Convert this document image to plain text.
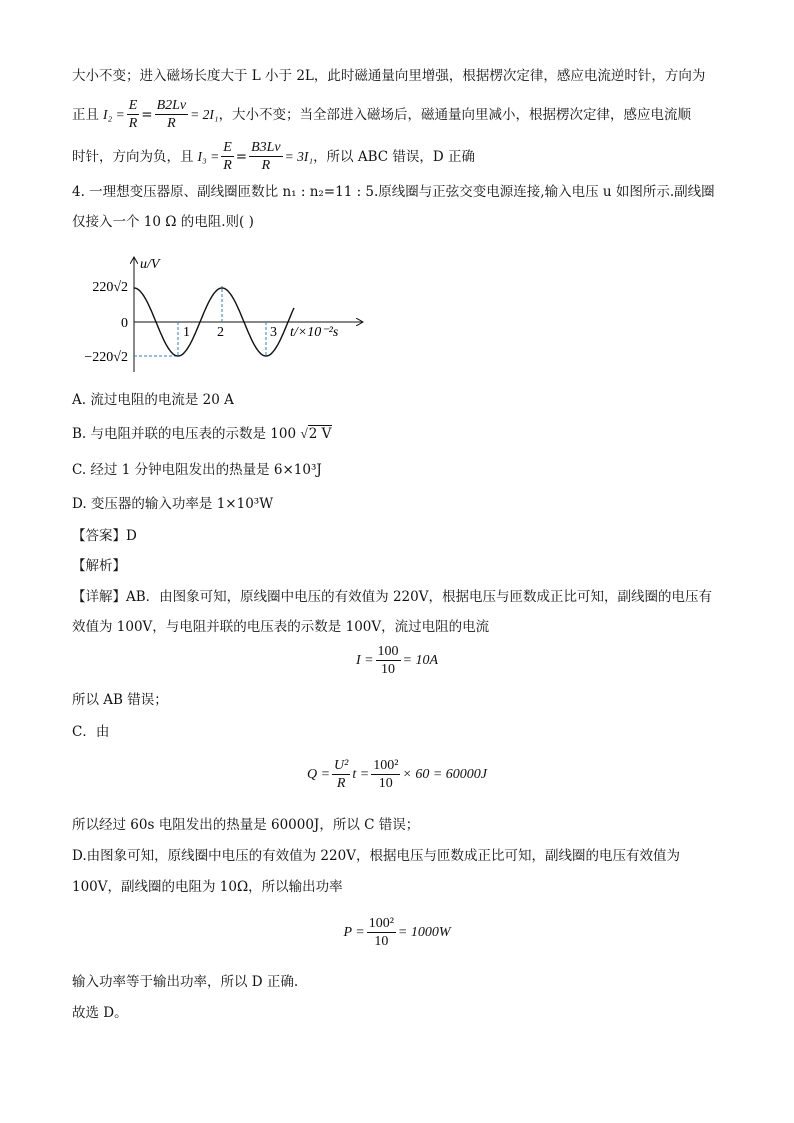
大小不变；进入磁场长度大于 L 小于 2L，此时磁通量向里增强，根据楞次定律，感应电流逆时针，方向为
正且 $I_2 = \frac{E}{R} = \frac{B2Lv}{R} = 2I_1$ ，大小不变；当全部进入磁场后，磁通量向里减小，根据楞次定律，感应电流顺
时针，方向为负，且 $I_3 = \frac{E}{R} = \frac{B3Lv}{R} = 3I_1$ ，所以 ABC 错误，D 正确
4. 一理想变压器原、副线圈匝数比 n₁ : n₂=11 : 5.原线圈与正弦交变电源连接,输入电压 u 如图所示.副线圈
仅接入一个 10 Ω 的电阻.则( )
u/V
220√2
0
−220√2
1 2	3 t/×10⁻²s
A. 流过电阻的电流是 20 A
B. 与电阻并联的电压表的示数是 100 √2 V
C. 经过 1 分钟电阻发出的热量是 6×10³J
D. 变压器的输入功率是 1×10³W
【答案】D
【解析】
【详解】AB．由图象可知，原线圈中电压的有效值为 220V，根据电压与匝数成正比可知，副线圈的电压有
效值为 100V，与电阻并联的电压表的示数是 100V，流过电阻的电流
$I = \frac{100}{10} = 10A$
所以 AB 错误；
C．由
$Q = \frac{\text{U²}}{R}$ $t = \frac{\text{100²}}{10} \times 60 = 60000J$
所以经过 60s 电阻发出的热量是 60000J，所以 C 错误；
D.由图象可知，原线圈中电压的有效值为 220V，根据电压与匝数成正比可知，副线圈的电压有效值为
100V，副线圈的电阻为 10Ω，所以输出功率
$P = \frac{\text{100²}}{10} = 1000W$
输入功率等于输出功率，所以 D 正确.
故选 D。
